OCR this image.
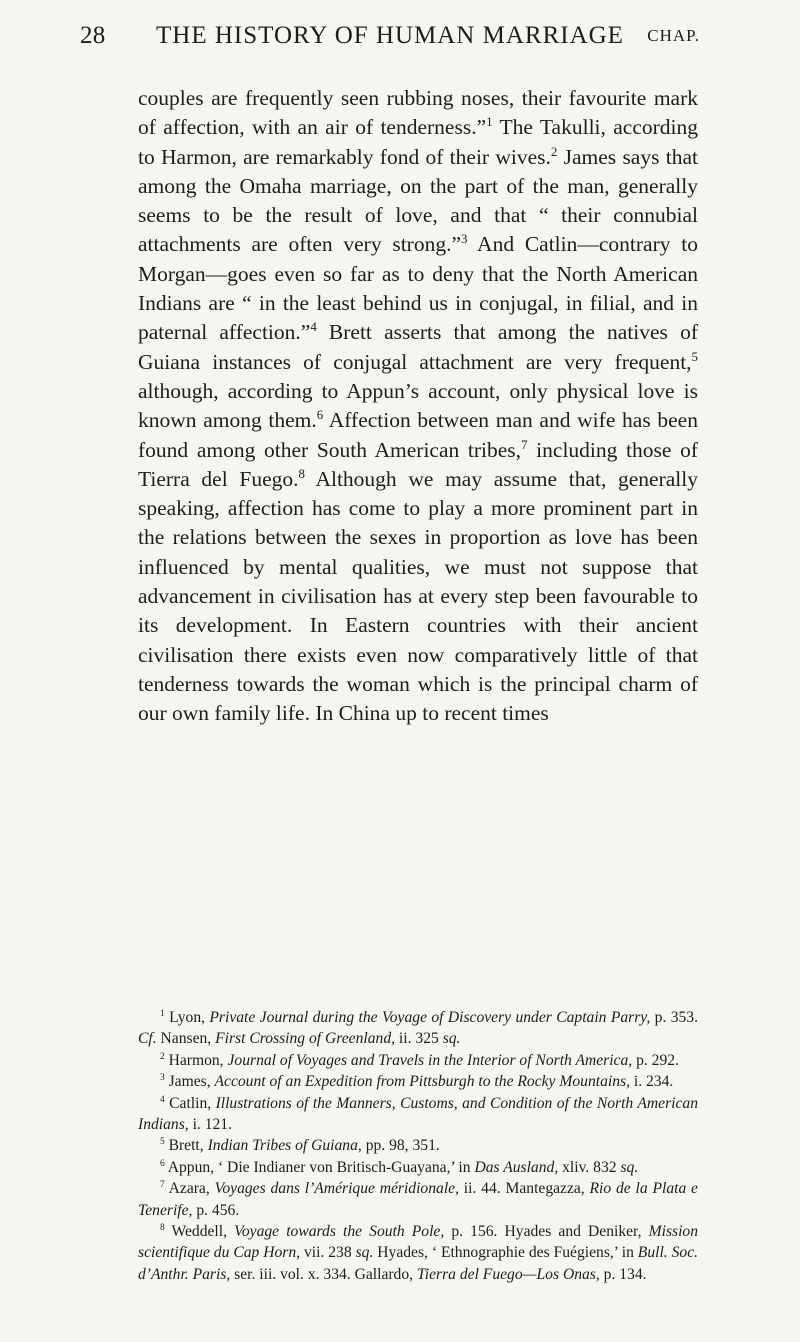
28	THE HISTORY OF HUMAN MARRIAGE	CHAP.

couples are frequently seen rubbing noses, their favourite mark of affection, with an air of tenderness.”$^1$ The Takulli, according to Harmon, are remarkably fond of their wives.$^2$ James says that among the Omaha marriage, on the part of the man, generally seems to be the result of love, and that “ their connubial attachments are often very strong.”$^3$ And Catlin—contrary to Morgan—goes even so far as to deny that the North American Indians are “ in the least behind us in conjugal, in filial, and in paternal affection.”$^4$ Brett asserts that among the natives of Guiana instances of conjugal attachment are very frequent,$^5$ although, according to Appun’s account, only physical love is known among them.$^6$ Affection between man and wife has been found among other South American tribes,$^7$ including those of Tierra del Fuego.$^8$ Although we may assume that, generally speaking, affection has come to play a more prominent part in the relations between the sexes in proportion as love has been influenced by mental qualities, we must not suppose that advancement in civilisation has at every step been favourable to its development. In Eastern countries with their ancient civilisation there exists even now comparatively little of that tenderness towards the woman which is the principal charm of our own family life. In China up to recent times

$^1$ Lyon, Private Journal during the Voyage of Discovery under Captain Parry, p. 353. Cf. Nansen, First Crossing of Greenland, ii. 325 sq.

$^2$ Harmon, Journal of Voyages and Travels in the Interior of North America, p. 292.

$^3$ James, Account of an Expedition from Pittsburgh to the Rocky Mountains, i. 234.

$^4$ Catlin, Illustrations of the Manners, Customs, and Condition of the North American Indians, i. 121.

$^5$ Brett, Indian Tribes of Guiana, pp. 98, 351.

$^6$ Appun, ‘ Die Indianer von Britisch-Guayana,’ in Das Ausland, xliv. 832 sq.

$^7$ Azara, Voyages dans l’Amérique méridionale, ii. 44. Mantegazza, Rio de la Plata e Tenerife, p. 456.

$^8$ Weddell, Voyage towards the South Pole, p. 156. Hyades and Deniker, Mission scientifique du Cap Horn, vii. 238 sq. Hyades, ‘ Ethnographie des Fuégiens,’ in Bull. Soc. d’Anthr. Paris, ser. iii. vol. x. 334. Gallardo, Tierra del Fuego—Los Onas, p. 134.
